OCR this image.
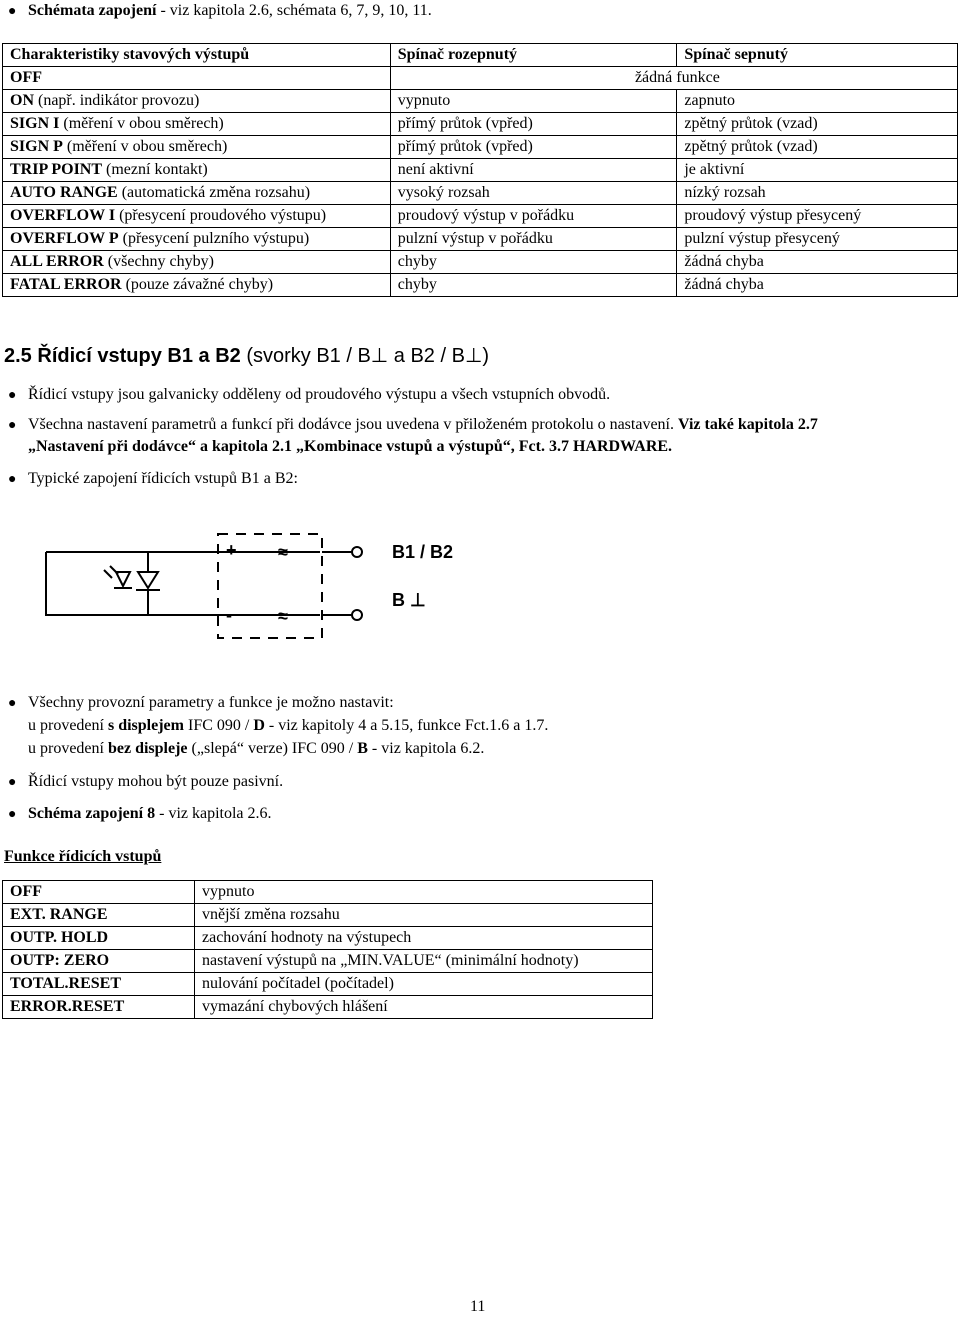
● Schémata zapojení - viz kapitola 2.6, schémata 6, 7, 9, 10, 11.
Charakteristiky stavových výstupů	Spínač rozepnutý	Spínač sepnutý
OFF	žádná funkce	
ON (např. indikátor provozu)	vypnuto	zapnuto
SIGN I (měření v obou směrech)	přímý průtok (vpřed)	zpětný průtok (vzad)
SIGN P (měření v obou směrech)	přímý průtok (vpřed)	zpětný průtok (vzad)
TRIP POINT (mezní kontakt)	není aktivní	je aktivní
AUTO RANGE (automatická změna rozsahu)	vysoký rozsah	nízký rozsah
OVERFLOW I (přesycení proudového výstupu)	proudový výstup v pořádku	proudový výstup přesycený
OVERFLOW P (přesycení pulzního výstupu)	pulzní výstup v pořádku	pulzní výstup přesycený
ALL ERROR (všechny chyby)	chyby	žádná chyba
FATAL ERROR (pouze závažné chyby)	chyby	žádná chyba
2.5 Řídicí vstupy B1 a B2 (svorky B1 / B⊥ a B2 / B⊥)
● Řídicí vstupy jsou galvanicky odděleny od proudového výstupu a všech vstupních obvodů.
● Všechna nastavení parametrů a funkcí při dodávce jsou uvedena v přiloženém protokolu o nastavení. Viz také kapitola 2.7
„Nastavení při dodávce“ a kapitola 2.1 „Kombinace vstupů a výstupů“, Fct. 3.7 HARDWARE.
● Typické zapojení řídicích vstupů B1 a B2:
+
-
≈
≈
B1 / B2
B ⊥
● Všechny provozní parametry a funkce je možno nastavit:
u provedení s displejem IFC 090 / D - viz kapitoly 4 a 5.15, funkce Fct.1.6 a 1.7.
u provedení bez displeje („slepá“ verze) IFC 090 / B - viz kapitola 6.2.
● Řídicí vstupy mohou být pouze pasivní.
● Schéma zapojení 8 - viz kapitola 2.6.
Funkce řídicích vstupů
OFF	vypnuto
EXT. RANGE	vnější změna rozsahu
OUTP. HOLD	zachování hodnoty na výstupech
OUTP: ZERO	nastavení výstupů na „MIN.VALUE“ (minimální hodnoty)
TOTAL.RESET	nulování počítadel (počítadel)
ERROR.RESET	vymazání chybových hlášení
11
